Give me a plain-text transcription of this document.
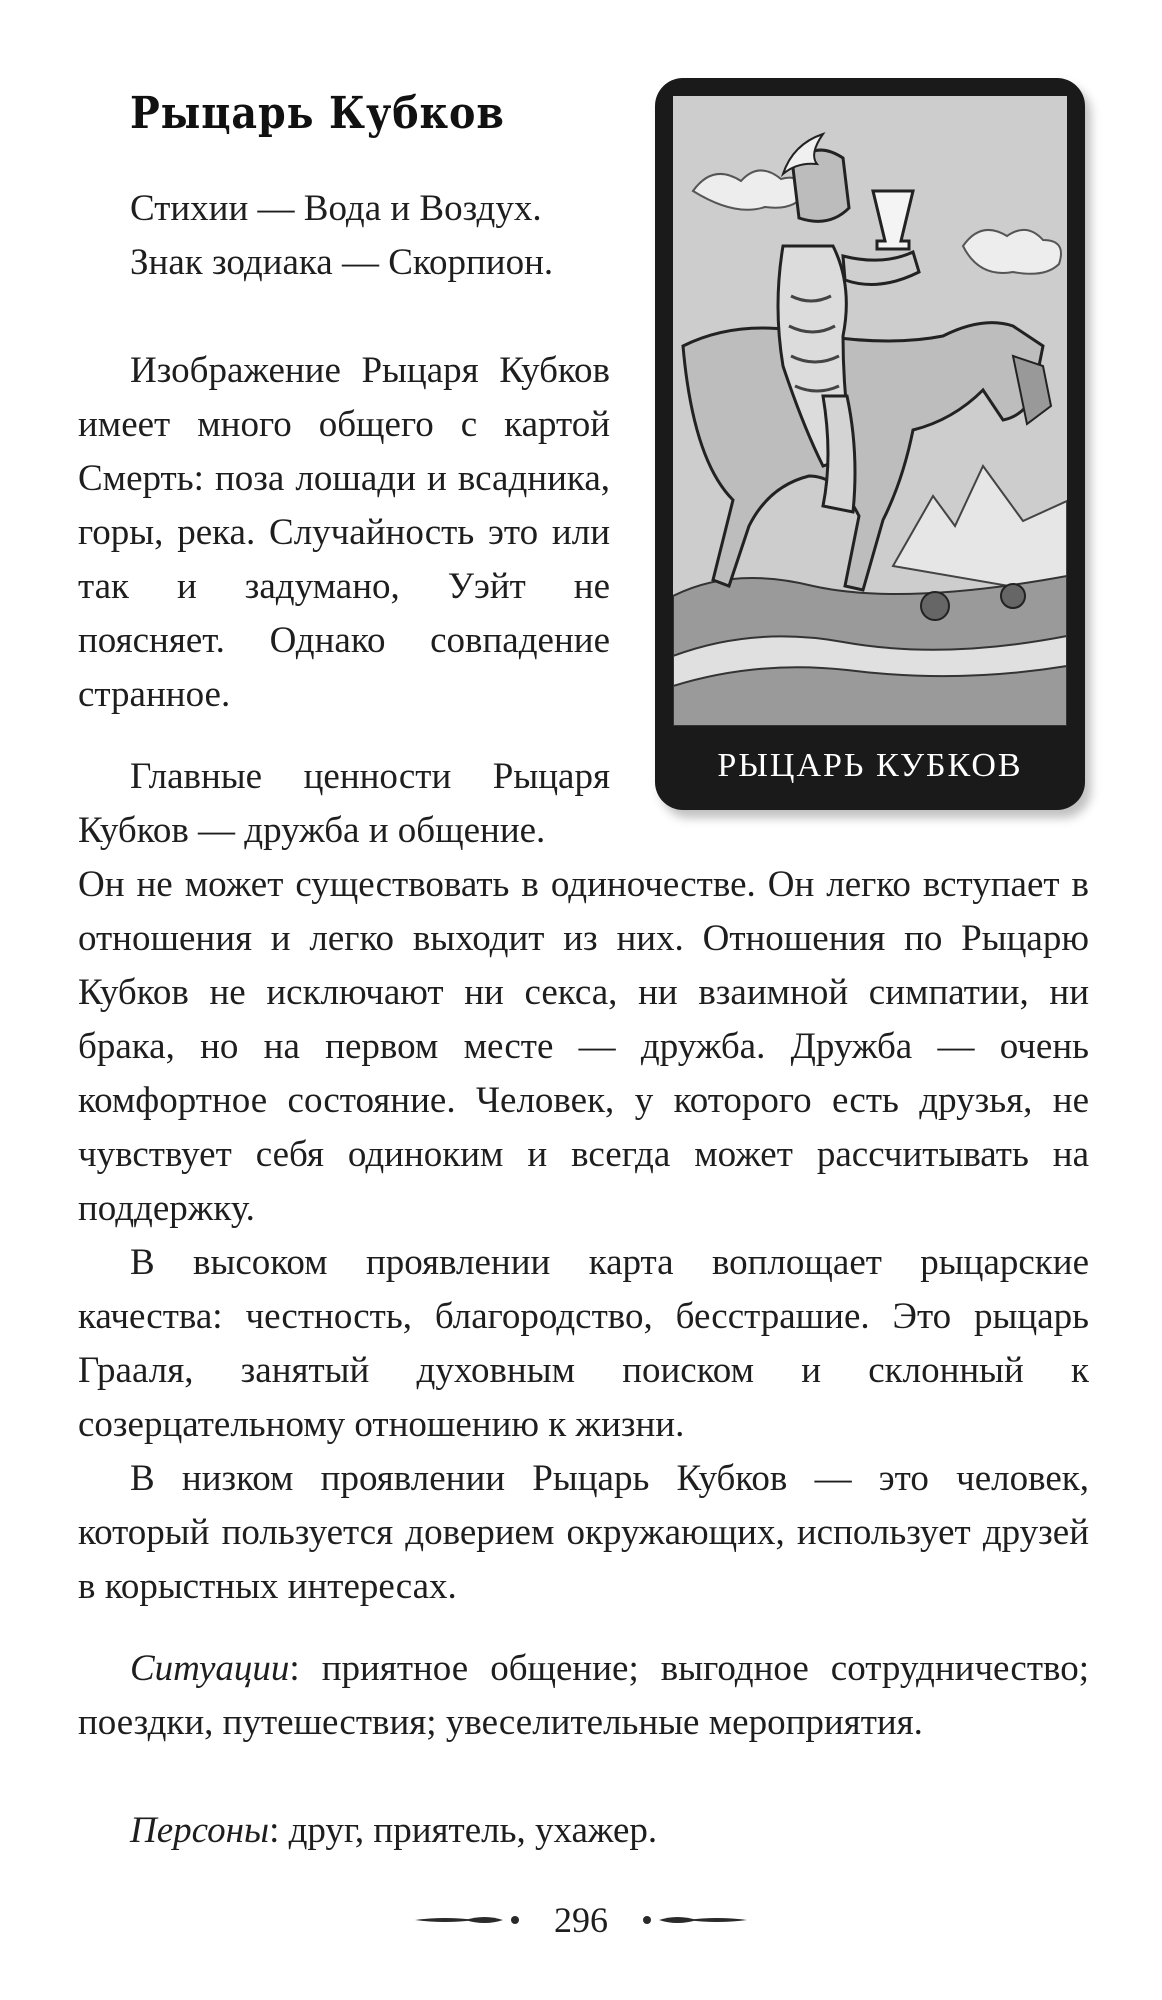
Рыцарь Кубков

Стихии — Вода и Воздух.

Знак зодиака — Скорпион.

Изображение Рыцаря Кубков имеет много общего с картой Смерть: поза лошади и всадника, горы, река. Случайность это или так и задумано, Уэйт не поясняет. Однако совпадение странное.

Главные ценности Рыцаря Кубков — дружба и общение.

Он не может существовать в одиночестве. Он легко вступает в отношения и легко выходит из них. Отношения по Рыцарю Кубков не исключают ни секса, ни взаимной симпатии, ни брака, но на первом месте — дружба. Дружба — очень комфортное состояние. Человек, у которого есть друзья, не чувствует себя одиноким и всегда может рассчитывать на поддержку.

В высоком проявлении карта воплощает рыцарские качества: честность, благородство, бесстрашие. Это рыцарь Грааля, занятый духовным поиском и склонный к созерцательному отношению к жизни.

В низком проявлении Рыцарь Кубков — это человек, который пользуется доверием окружающих, использует друзей в корыстных интересах.

Ситуации: приятное общение; выгодное сотрудничество; поездки, путешествия; увеселительные мероприятия.

Персоны: друг, приятель, ухажер.

РЫЦАРЬ КУБКОВ
296
